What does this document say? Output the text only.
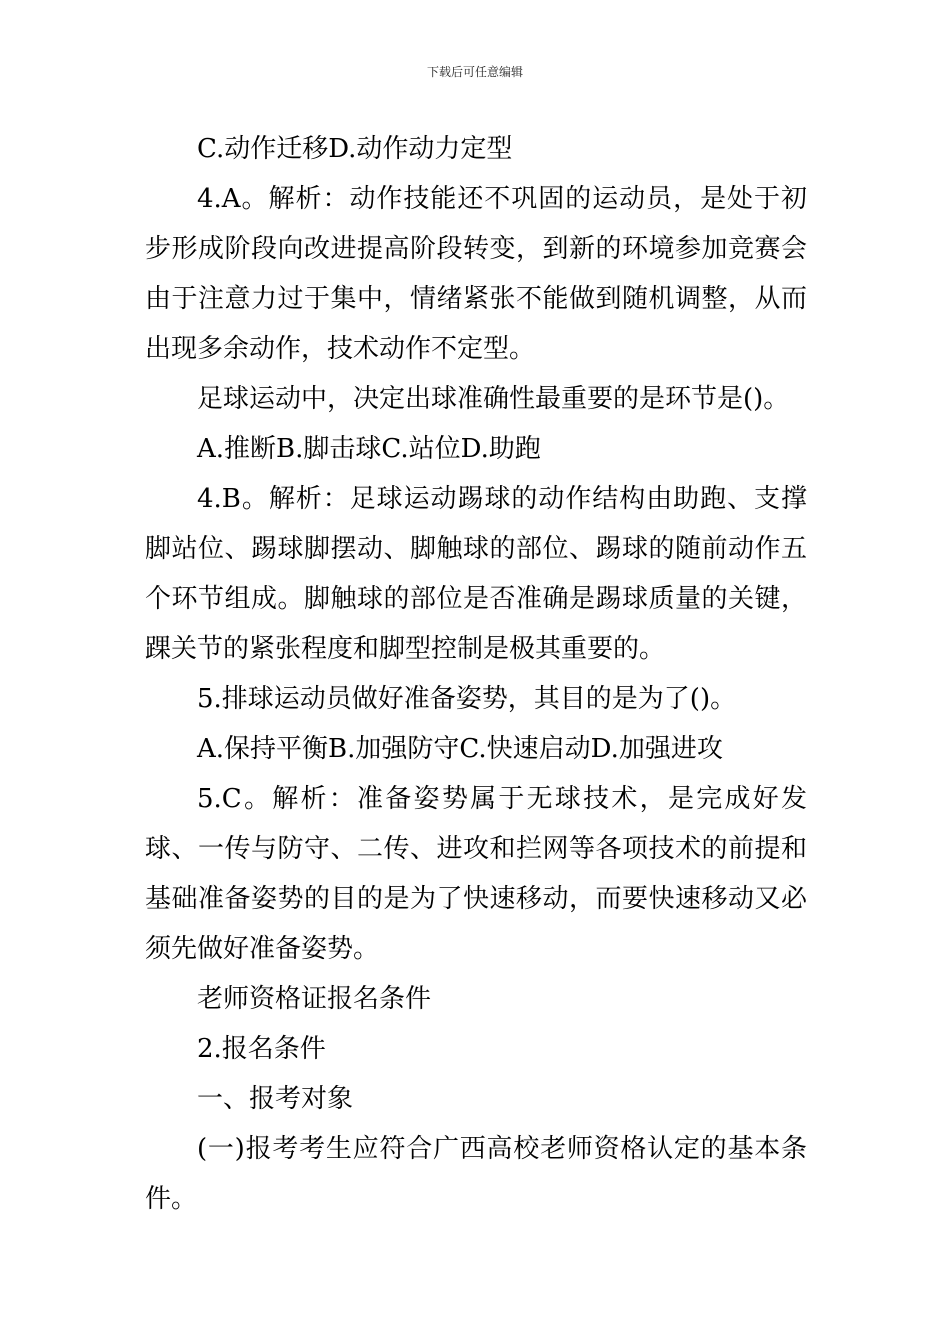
下载后可任意编辑

C.动作迁移D.动作动力定型

4.A。解析：动作技能还不巩固的运动员，是处于初步形成阶段向改进提高阶段转变，到新的环境参加竞赛会由于注意力过于集中，情绪紧张不能做到随机调整，从而出现多余动作，技术动作不定型。

足球运动中，决定出球准确性最重要的是环节是()。

A.推断B.脚击球C.站位D.助跑

4.B。解析：足球运动踢球的动作结构由助跑、支撑脚站位、踢球脚摆动、脚触球的部位、踢球的随前动作五个环节组成。脚触球的部位是否准确是踢球质量的关键，踝关节的紧张程度和脚型控制是极其重要的。

5.排球运动员做好准备姿势，其目的是为了()。

A.保持平衡B.加强防守C.快速启动D.加强进攻

5.C。解析：准备姿势属于无球技术，是完成好发球、一传与防守、二传、进攻和拦网等各项技术的前提和基础准备姿势的目的是为了快速移动，而要快速移动又必须先做好准备姿势。

老师资格证报名条件

2.报名条件

一、报考对象

(一)报考考生应符合广西高校老师资格认定的基本条件。
